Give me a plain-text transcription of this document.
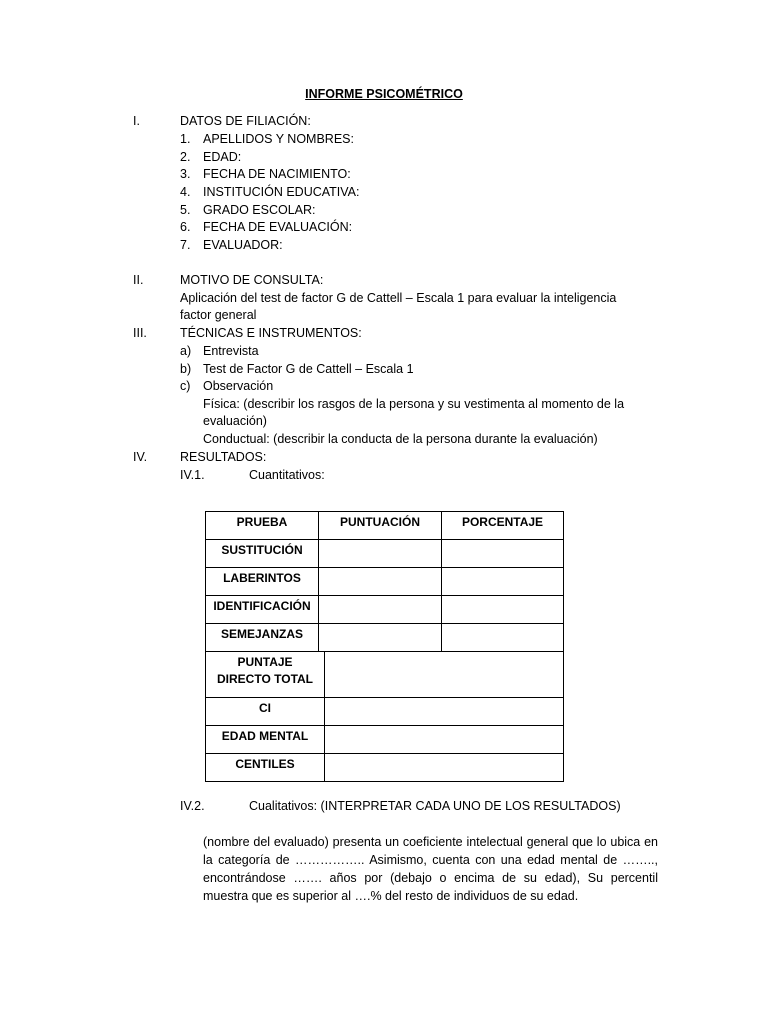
INFORME PSICOMÉTRICO
I.	DATOS DE FILIACIÓN:
1. APELLIDOS Y NOMBRES:
2. EDAD:
3. FECHA DE NACIMIENTO:
4. INSTITUCIÓN EDUCATIVA:
5. GRADO ESCOLAR:
6. FECHA DE EVALUACIÓN:
7. EVALUADOR:
II.	MOTIVO DE CONSULTA:
Aplicación del test de factor G de Cattell – Escala 1 para evaluar la inteligencia
factor general
III.	TÉCNICAS E INSTRUMENTOS:
a) Entrevista
b) Test de Factor G de Cattell – Escala 1
c) Observación
Física: (describir los rasgos de la persona y su vestimenta al momento de la
evaluación)
Conductual: (describir la conducta de la persona durante la evaluación)
IV.	RESULTADOS:
IV.1.	Cuantitativos:
PRUEBA	PUNTUACIÓN		PORCENTAJE
SUSTITUCIÓN			
LABERINTOS			
IDENTIFICACIÓN			
SEMEJANZAS			

PUNTAJE
DIRECTO TOTAL			

CI			
EDAD MENTAL			
CENTILES			
IV.2.	Cualitativos: (INTERPRETAR CADA UNO DE LOS RESULTADOS)
(nombre del evaluado) presenta un coeficiente intelectual general que lo ubica en la categoría de …………….. Asimismo, cuenta con una edad mental de …….., encontrándose ……. años por (debajo o encima de su edad), Su percentil muestra que es superior al ….% del resto de individuos de su edad.
